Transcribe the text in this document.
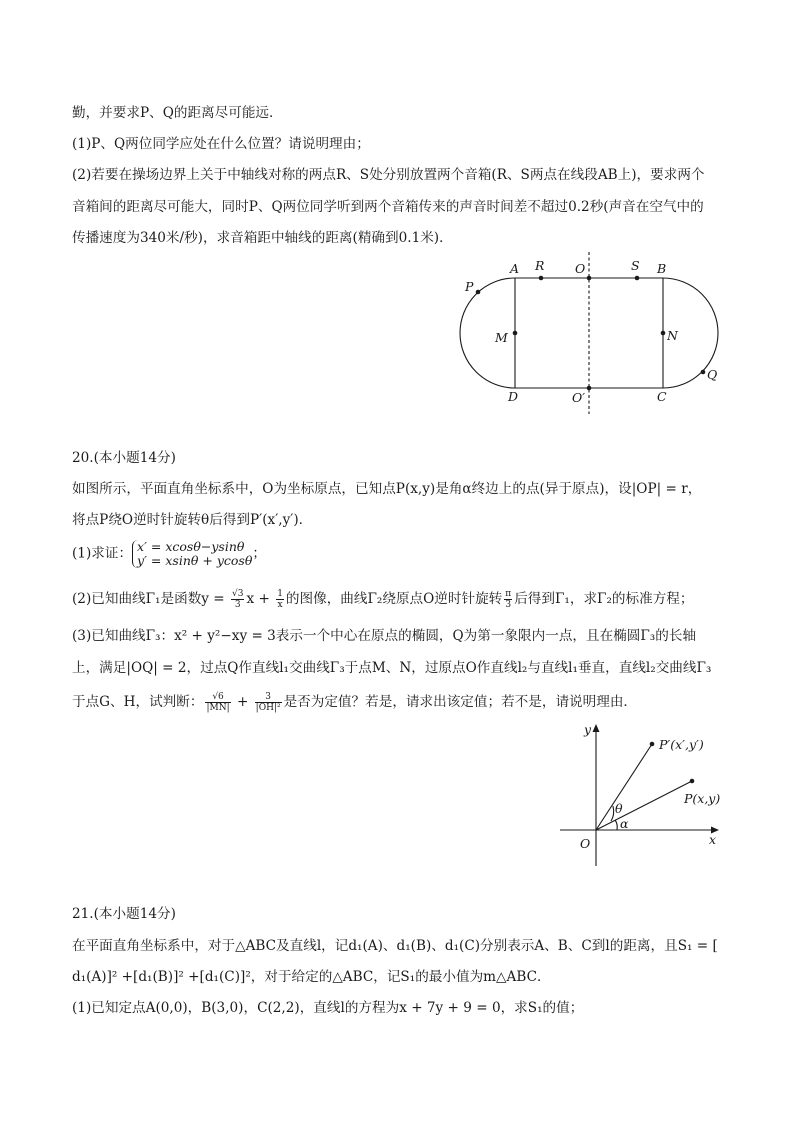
勤，并要求P、Q的距离尽可能远．
(1)P、Q两位同学应处在什么位置？请说明理由；
(2)若要在操场边界上关于中轴线对称的两点R、S处分别放置两个音箱(R、S两点在线段AB上)，要求两个
音箱间的距离尽可能大，同时P、Q两位同学听到两个音箱传来的声音时间差不超过0.2秒(声音在空气中的
传播速度为340米/秒)，求音箱距中轴线的距离(精确到0.1米)．
A R O	S B
P
M	N
Q
D	C
O′
20.(本小题14分)
如图所示，平面直角坐标系中，O为坐标原点，已知点P(x,y)是角α终边上的点(异于原点)，设|OP| = r，
将点P绕O逆时针旋转θ后得到P′(x′,y′)．
(1)求证： x′ = xcosθ−ysinθ
y′ = xsinθ + ycosθ ；
(2)已知曲线Γ₁是函数$y = \frac{√3}{3}$ $x + \frac{1}{x}$ 的图像，曲线Γ₂绕原点O逆时针旋转 $\frac{\pi}{3}$ 后得到Γ₁，求Γ₂的标准方程；
(3)已知曲线Γ₃：x² + y²−xy = 3表示一个中心在原点的椭圆，Q为第一象限内一点，且在椭圆Γ₃的长轴
上，满足|OQ| = 2，过点Q作直线l₁交曲线Γ₃于点M、N，过原点O作直线l₂与直线l₁垂直，直线l₂交曲线Γ₃
于点G、H，试判断： $\frac{√6}{|MN|} + \frac{3}{\text{|OH|²}}$ 是否为定值？若是，请求出该定值；若不是，请说明理由．
y
x
O
P′(x′,y′)
P(x,y)
θ
α
21.(本小题14分)
在平面直角坐标系中，对于△ABC及直线l，记d₁(A)、d₁(B)、d₁(C)分别表示A、B、C到l的距离，且S₁ = [
d₁(A)]² +[d₁(B)]² +[d₁(C)]²，对于给定的△ABC，记S₁的最小值为m△ABC．
(1)已知定点A(0,0)，B(3,0)，C(2,2)，直线l的方程为x + 7y + 9 = 0，求S₁的值；
